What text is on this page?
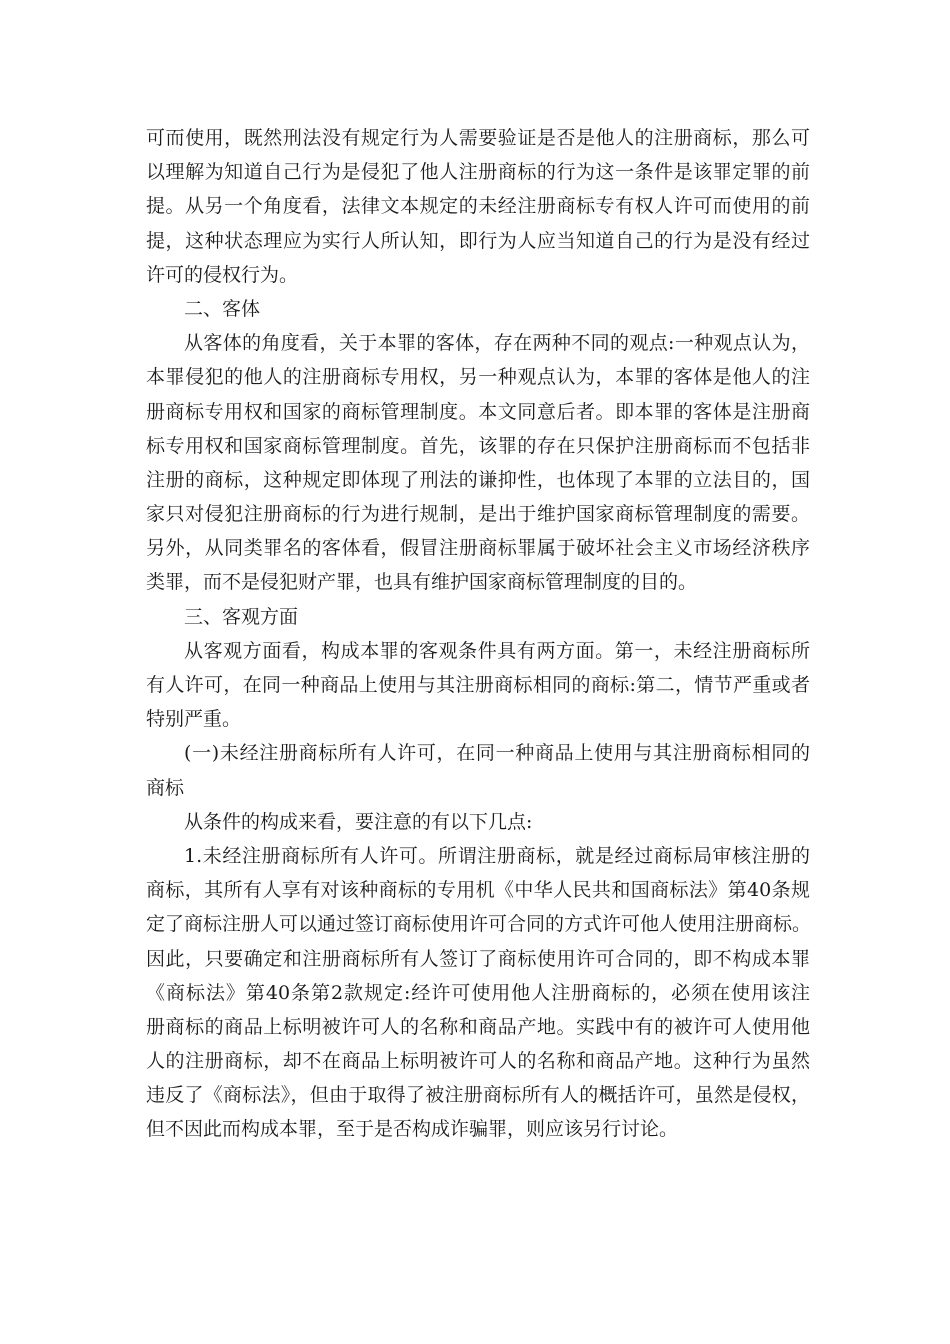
可而使用，既然刑法没有规定行为人需要验证是否是他人的注册商标，那么可
以理解为知道自己行为是侵犯了他人注册商标的行为这一条件是该罪定罪的前
提。从另一个角度看，法律文本规定的未经注册商标专有权人许可而使用的前
提，这种状态理应为实行人所认知，即行为人应当知道自己的行为是没有经过
许可的侵权行为。
二、客体
从客体的角度看，关于本罪的客体，存在两种不同的观点:一种观点认为，
本罪侵犯的他人的注册商标专用权，另一种观点认为，本罪的客体是他人的注
册商标专用权和国家的商标管理制度。本文同意后者。即本罪的客体是注册商
标专用权和国家商标管理制度。首先，该罪的存在只保护注册商标而不包括非
注册的商标，这种规定即体现了刑法的谦抑性，也体现了本罪的立法目的，国
家只对侵犯注册商标的行为进行规制，是出于维护国家商标管理制度的需要。
另外，从同类罪名的客体看，假冒注册商标罪属于破坏社会主义市场经济秩序
类罪，而不是侵犯财产罪，也具有维护国家商标管理制度的目的。
三、客观方面
从客观方面看，构成本罪的客观条件具有两方面。第一，未经注册商标所
有人许可，在同一种商品上使用与其注册商标相同的商标:第二，情节严重或者
特别严重。
(一)未经注册商标所有人许可，在同一种商品上使用与其注册商标相同的
商标
从条件的构成来看，要注意的有以下几点:
1.未经注册商标所有人许可。所谓注册商标，就是经过商标局审核注册的
商标，其所有人享有对该种商标的专用机《中华人民共和国商标法》第40条规
定了商标注册人可以通过签订商标使用许可合同的方式许可他人使用注册商标。
因此，只要确定和注册商标所有人签订了商标使用许可合同的，即不构成本罪
《商标法》第40条第2款规定:经许可使用他人注册商标的，必须在使用该注
册商标的商品上标明被许可人的名称和商品产地。实践中有的被许可人使用他
人的注册商标，却不在商品上标明被许可人的名称和商品产地。这种行为虽然
违反了《商标法》，但由于取得了被注册商标所有人的概括许可，虽然是侵权，
但不因此而构成本罪，至于是否构成诈骗罪，则应该另行讨论。
